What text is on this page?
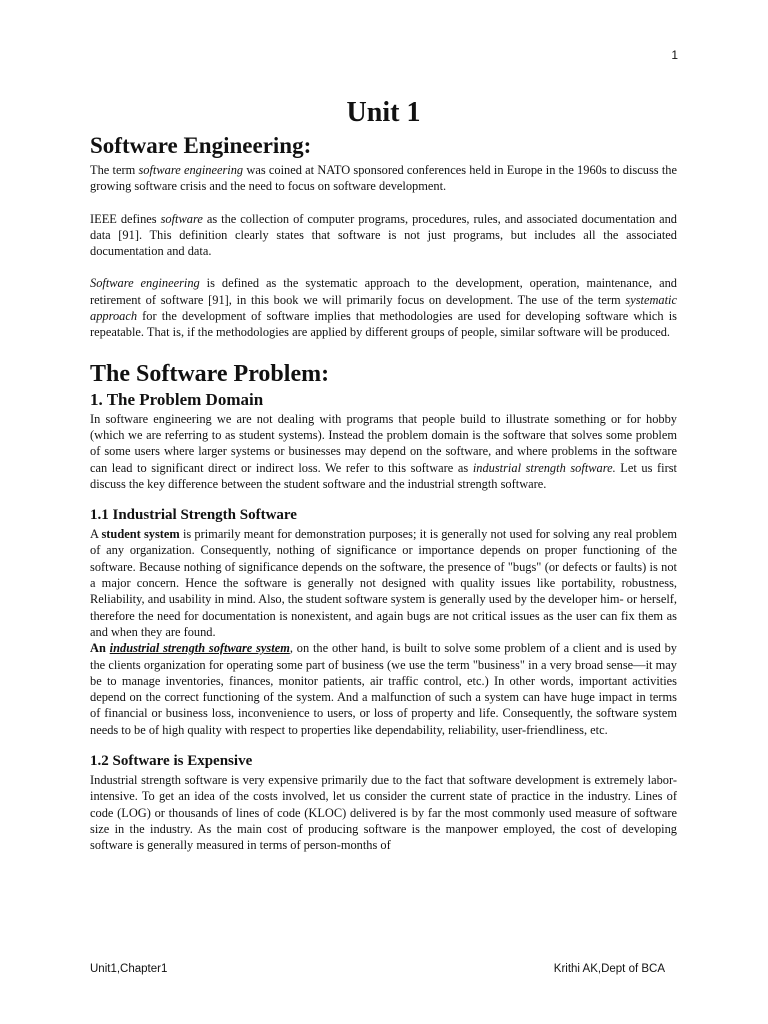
1
Unit 1
Software Engineering:

The term software engineering was coined at NATO sponsored conferences held in Europe in the 1960s to discuss the growing software crisis and the need to focus on software development.

IEEE defines software as the collection of computer programs, procedures, rules, and associated documentation and data [91]. This definition clearly states that software is not just programs, but includes all the associated documentation and data.

Software engineering is defined as the systematic approach to the development, operation, maintenance, and retirement of software [91], in this book we will primarily focus on development. The use of the term systematic approach for the development of software implies that methodologies are used for developing software which is repeatable. That is, if the methodologies are applied by different groups of people, similar software will be produced.

The Software Problem:
1. The Problem Domain

In software engineering we are not dealing with programs that people build to illustrate something or for hobby (which we are referring to as student systems). Instead the problem domain is the software that solves some problem of some users where larger systems or businesses may depend on the software, and where problems in the software can lead to significant direct or indirect loss. We refer to this software as industrial strength software. Let us first discuss the key difference between the student software and the industrial strength software.

1.1 Industrial Strength Software

A student system is primarily meant for demonstration purposes; it is generally not used for solving any real problem of any organization. Consequently, nothing of significance or importance depends on proper functioning of the software. Because nothing of significance depends on the software, the presence of "bugs" (or defects or faults) is not a major concern. Hence the software is generally not designed with quality issues like portability, robustness, Reliability, and usability in mind. Also, the student software system is generally used by the developer him- or herself, therefore the need for documentation is nonexistent, and again bugs are not critical issues as the user can fix them as and when they are found.

An industrial strength software system, on the other hand, is built to solve some problem of a client and is used by the clients organization for operating some part of business (we use the term "business" in a very broad sense—it may be to manage inventories, finances, monitor patients, air traffic control, etc.) In other words, important activities depend on the correct functioning of the system. And a malfunction of such a system can have huge impact in terms of financial or business loss, inconvenience to users, or loss of property and life. Consequently, the software system needs to be of high quality with respect to properties like dependability, reliability, user-friendliness, etc.

1.2 Software is Expensive

Industrial strength software is very expensive primarily due to the fact that software development is extremely labor-intensive. To get an idea of the costs involved, let us consider the current state of practice in the industry. Lines of code (LOG) or thousands of lines of code (KLOC) delivered is by far the most commonly used measure of software size in the industry. As the main cost of producing software is the manpower employed, the cost of developing software is generally measured in terms of person-months of

Unit1,Chapter1	Krithi AK,Dept of BCA
